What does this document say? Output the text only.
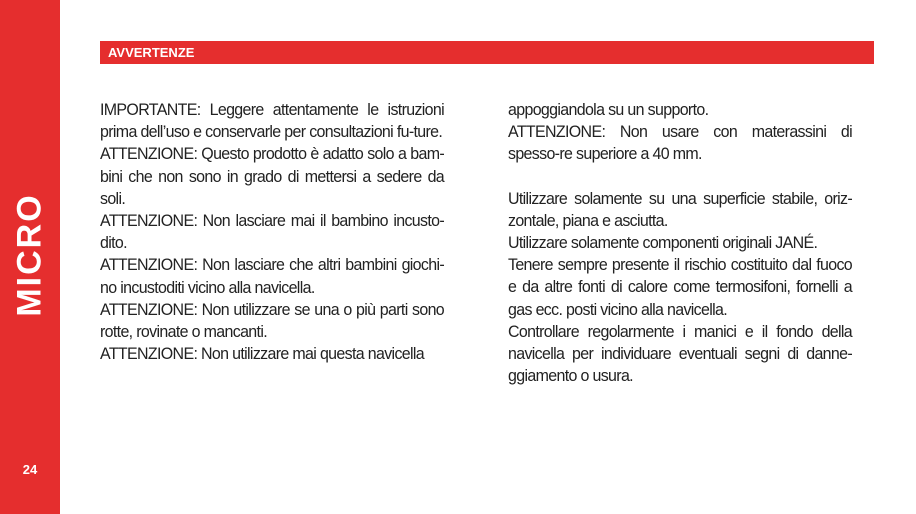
MICRO
24
AVVERTENZE

IMPORTANTE: Leggere attentamente le istruzioni prima dell’uso e conservarle per consultazioni fu-ture.

ATTENZIONE: Questo prodotto è adatto solo a bam-bini che non sono in grado di mettersi a sedere da soli.

ATTENZIONE: Non lasciare mai il bambino incusto-dito.

ATTENZIONE: Non lasciare che altri bambini giochi-no incustoditi vicino alla navicella.

ATTENZIONE: Non utilizzare se una o più parti sono rotte, rovinate o mancanti.

ATTENZIONE: Non utilizzare mai questa navicella

appoggiandola su un supporto.

ATTENZIONE: Non usare con materassini di spesso-re superiore a 40 mm.

Utilizzare solamente su una superficie stabile, oriz-zontale, piana e asciutta.

Utilizzare solamente componenti originali JANÉ.

Tenere sempre presente il rischio costituito dal fuoco e da altre fonti di calore come termosifoni, fornelli a gas ecc. posti vicino alla navicella.

Controllare regolarmente i manici e il fondo della navicella per individuare eventuali segni di danne-ggiamento o usura.
